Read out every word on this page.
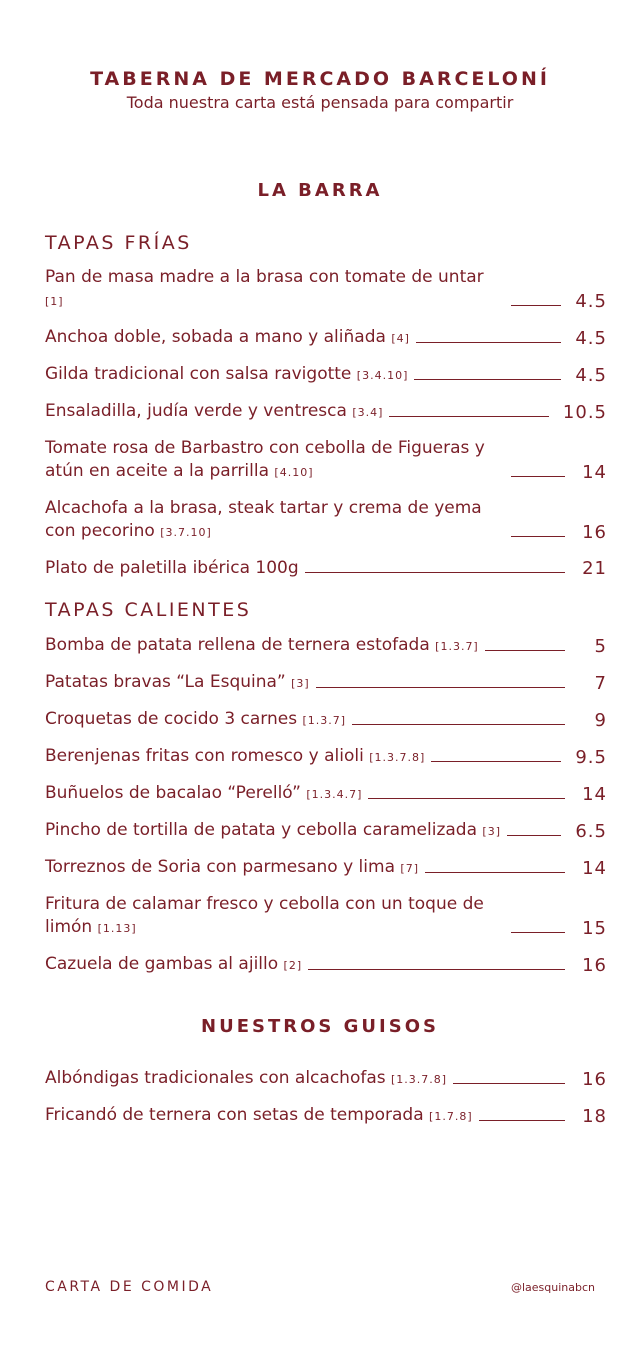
TABERNA DE MERCADO BARCELONÍ
Toda nuestra carta está pensada para compartir
LA BARRA
TAPAS FRÍAS
Pan de masa madre a la brasa con tomate de untar [1]	4.5
Anchoa doble, sobada a mano y aliñada [4]	4.5
Gilda tradicional con salsa ravigotte [3.4.10]	4.5
Ensaladilla, judía verde y ventresca [3.4]	10.5
Tomate rosa de Barbastro con cebolla de Figueras y atún en aceite a la parrilla [4.10]	14
Alcachofa a la brasa, steak tartar y crema de yema con pecorino [3.7.10]	16
Plato de paletilla ibérica 100g	21
TAPAS CALIENTES
Bomba de patata rellena de ternera estofada [1.3.7]	5
Patatas bravas “La Esquina” [3]	7
Croquetas de cocido 3 carnes [1.3.7]	9
Berenjenas fritas con romesco y alioli [1.3.7.8]	9.5
Buñuelos de bacalao “Perelló” [1.3.4.7]	14
Pincho de tortilla de patata y cebolla caramelizada [3]	6.5
Torreznos de Soria con parmesano y lima [7]	14
Fritura de calamar fresco y cebolla con un toque de limón [1.13]	15
Cazuela de gambas al ajillo [2]	16
NUESTROS GUISOS
Albóndigas tradicionales con alcachofas [1.3.7.8]	16
Fricandó de ternera con setas de temporada [1.7.8]	18
CARTA DE COMIDA	@laesquinabcn
